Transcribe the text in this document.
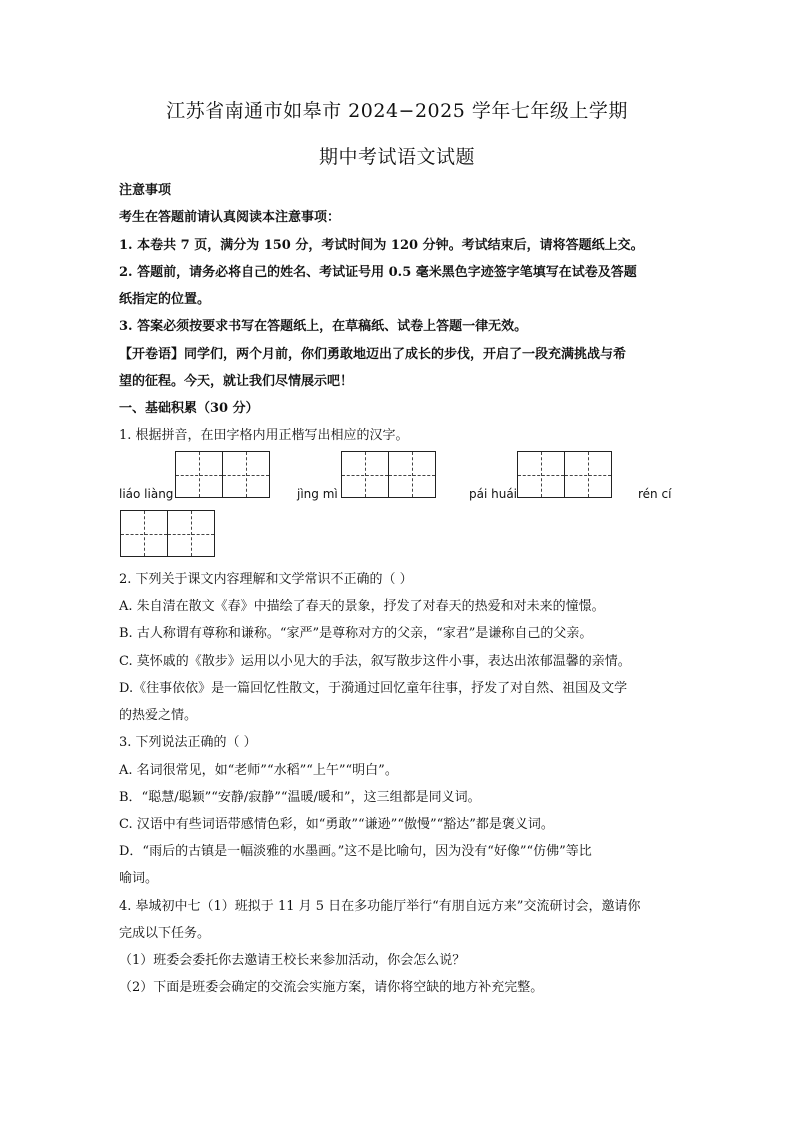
江苏省南通市如皋市 2024−2025 学年七年级上学期
期中考试语文试题
注意事项
考生在答题前请认真阅读本注意事项：
1. 本卷共 7 页，满分为 150 分，考试时间为 120 分钟。考试结束后，请将答题纸上交。
2. 答题前，请务必将自己的姓名、考试证号用 0.5 毫米黑色字迹签字笔填写在试卷及答题
纸指定的位置。
3. 答案必须按要求书写在答题纸上，在草稿纸、试卷上答题一律无效。
【开卷语】同学们，两个月前，你们勇敢地迈出了成长的步伐，开启了一段充满挑战与希
望的征程。今天，就让我们尽情展示吧！
一、基础积累（30 分）
1. 根据拼音，在田字格内用正楷写出相应的汉字。
liáo liàng	jìng mì	pái huái	rén cí
2. 下列关于课文内容理解和文学常识不正确的（ ）
A. 朱自清在散文《春》中描绘了春天的景象，抒发了对春天的热爱和对未来的憧憬。
B. 古人称谓有尊称和谦称。“家严”是尊称对方的父亲，“家君”是谦称自己的父亲。
C. 莫怀戚的《散步》运用以小见大的手法，叙写散步这件小事，表达出浓郁温馨的亲情。
D.《往事依依》是一篇回忆性散文，于漪通过回忆童年往事，抒发了对自然、祖国及文学
的热爱之情。
3. 下列说法正确的（ ）
A. 名词很常见，如“老师”“水稻”“上午”“明白”。
B．“聪慧/聪颖”“安静/寂静”“温暖/暖和”，这三组都是同义词。
C. 汉语中有些词语带感情色彩，如“勇敢”“谦逊”“傲慢”“豁达”都是褒义词。
D．“雨后的古镇是一幅淡雅的水墨画。”这不是比喻句，因为没有“好像”“仿佛”等比
喻词。
4. 皋城初中七（1）班拟于 11 月 5 日在多功能厅举行“有朋自远方来”交流研讨会，邀请你
完成以下任务。
（1）班委会委托你去邀请王校长来参加活动，你会怎么说？
（2）下面是班委会确定的交流会实施方案，请你将空缺的地方补充完整。
